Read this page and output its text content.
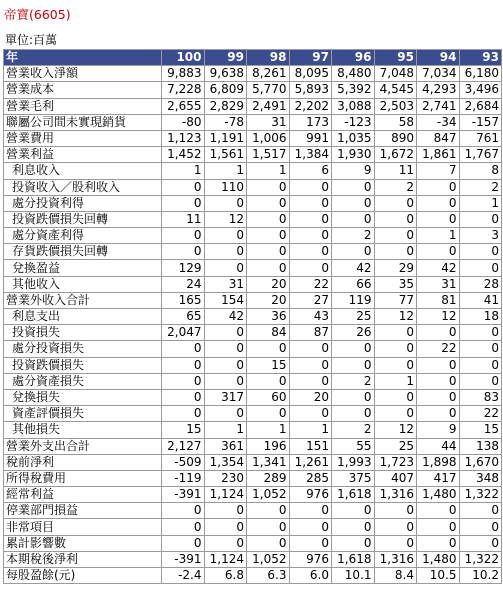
帝寶(6605)
單位:百萬
年	100	99	98	97	96	95	94	93
營業收入淨額	9,883	9,638	8,261	8,095	8,480	7,048	7,034	6,180
營業成本	7,228	6,809	5,770	5,893	5,392	4,545	4,293	3,496
營業毛利	2,655	2,829	2,491	2,202	3,088	2,503	2,741	2,684
聯屬公司間未實現銷貨	-80	-78	31	173	-123	58	-34	-157
營業費用	1,123	1,191	1,006	991	1,035	890	847	761
營業利益	1,452	1,561	1,517	1,384	1,930	1,672	1,861	1,767
利息收入	1	1	1	6	9	11	7	8
投資收入／股利收入	0	110	0	0	0	2	0	2
處分投資利得	0	0	0	0	0	0	0	1
投資跌價損失回轉	11	12	0	0	0	0	0	0
處分資產利得	0	0	0	0	2	0	1	3
存貨跌價損失回轉	0	0	0	0	0	0	0	0
兌換盈益	129	0	0	0	42	29	42	0
其他收入	24	31	20	22	66	35	31	28
營業外收入合計	165	154	20	27	119	77	81	41
利息支出	65	42	36	43	25	12	12	18
投資損失	2,047	0	84	87	26	0	0	0
處分投資損失	0	0	0	0	0	0	22	0
投資跌價損失	0	0	15	0	0	0	0	0
處分資產損失	0	0	0	0	2	1	0	0
兌換損失	0	317	60	20	0	0	0	83
資產評價損失	0	0	0	0	0	0	0	22
其他損失	15	1	1	1	2	12	9	15
營業外支出合計	2,127	361	196	151	55	25	44	138
稅前淨利	-509	1,354	1,341	1,261	1,993	1,723	1,898	1,670
所得稅費用	-119	230	289	285	375	407	417	348
經常利益	-391	1,124	1,052	976	1,618	1,316	1,480	1,322
停業部門損益	0	0	0	0	0	0	0	0
非常項目	0	0	0	0	0	0	0	0
累計影響數	0	0	0	0	0	0	0	0
本期稅後淨利	-391	1,124	1,052	976	1,618	1,316	1,480	1,322
每股盈餘(元)	-2.4	6.8	6.3	6.0	10.1	8.4	10.5	10.2
